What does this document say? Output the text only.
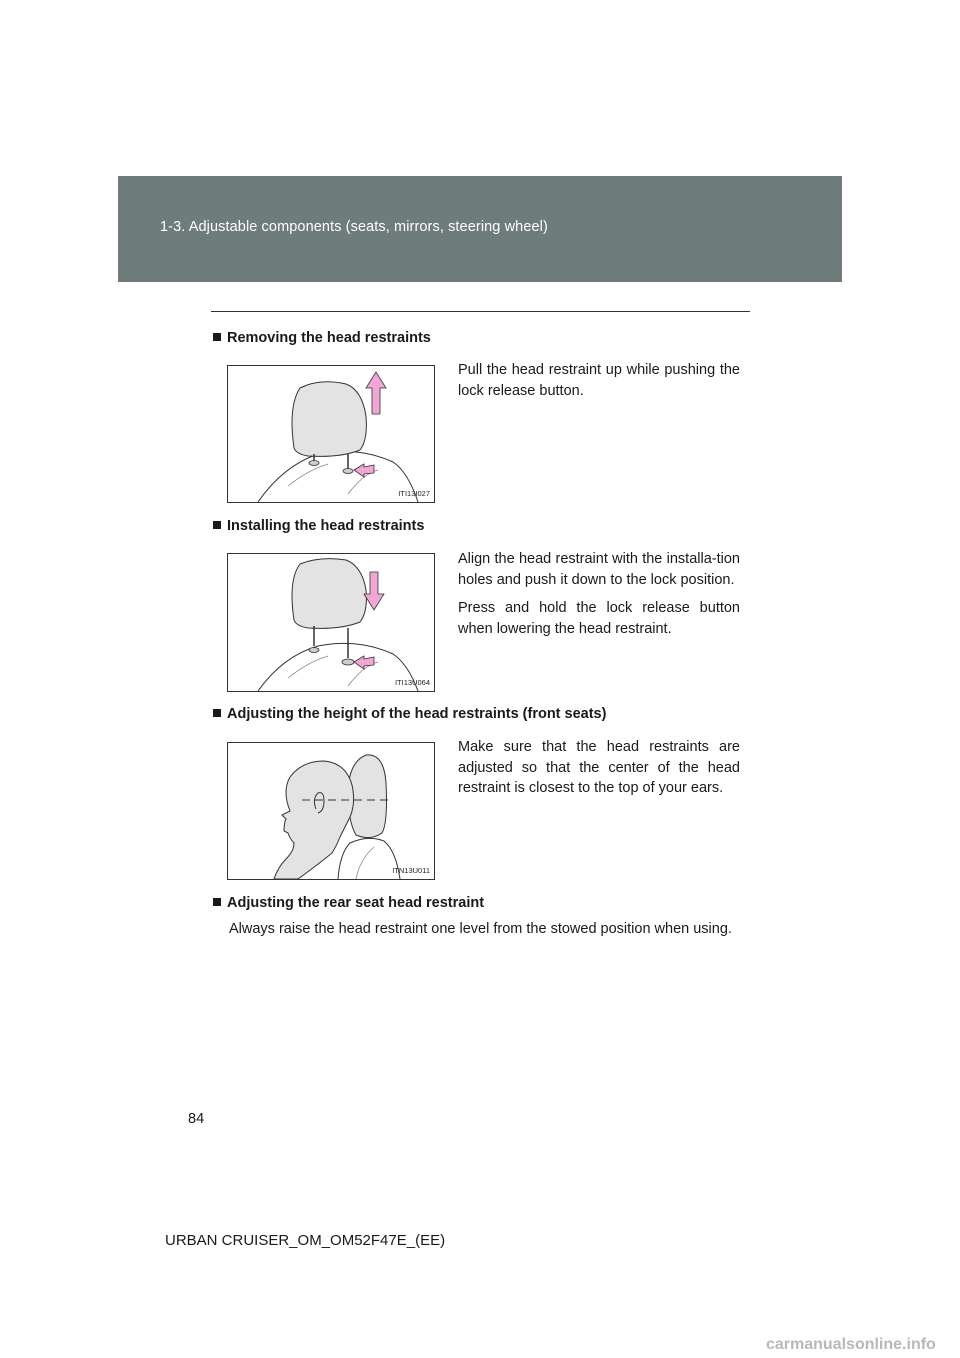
1-3. Adjustable components (seats, mirrors, steering wheel)
Removing the head restraints
ITI13I027

Pull the head restraint up while pushing the lock release button.

Installing the head restraints
ITI13U064

Align the head restraint with the installa-tion holes and push it down to the lock position.

Press and hold the lock release button when lowering the head restraint.

Adjusting the height of the head restraints (front seats)
ITN13U011

Make sure that the head restraints are adjusted so that the center of the head restraint is closest to the top of your ears.

Adjusting the rear seat head restraint
Always raise the head restraint one level from the stowed position when using.
84
URBAN CRUISER_OM_OM52F47E_(EE)
carmanualsonline.info
